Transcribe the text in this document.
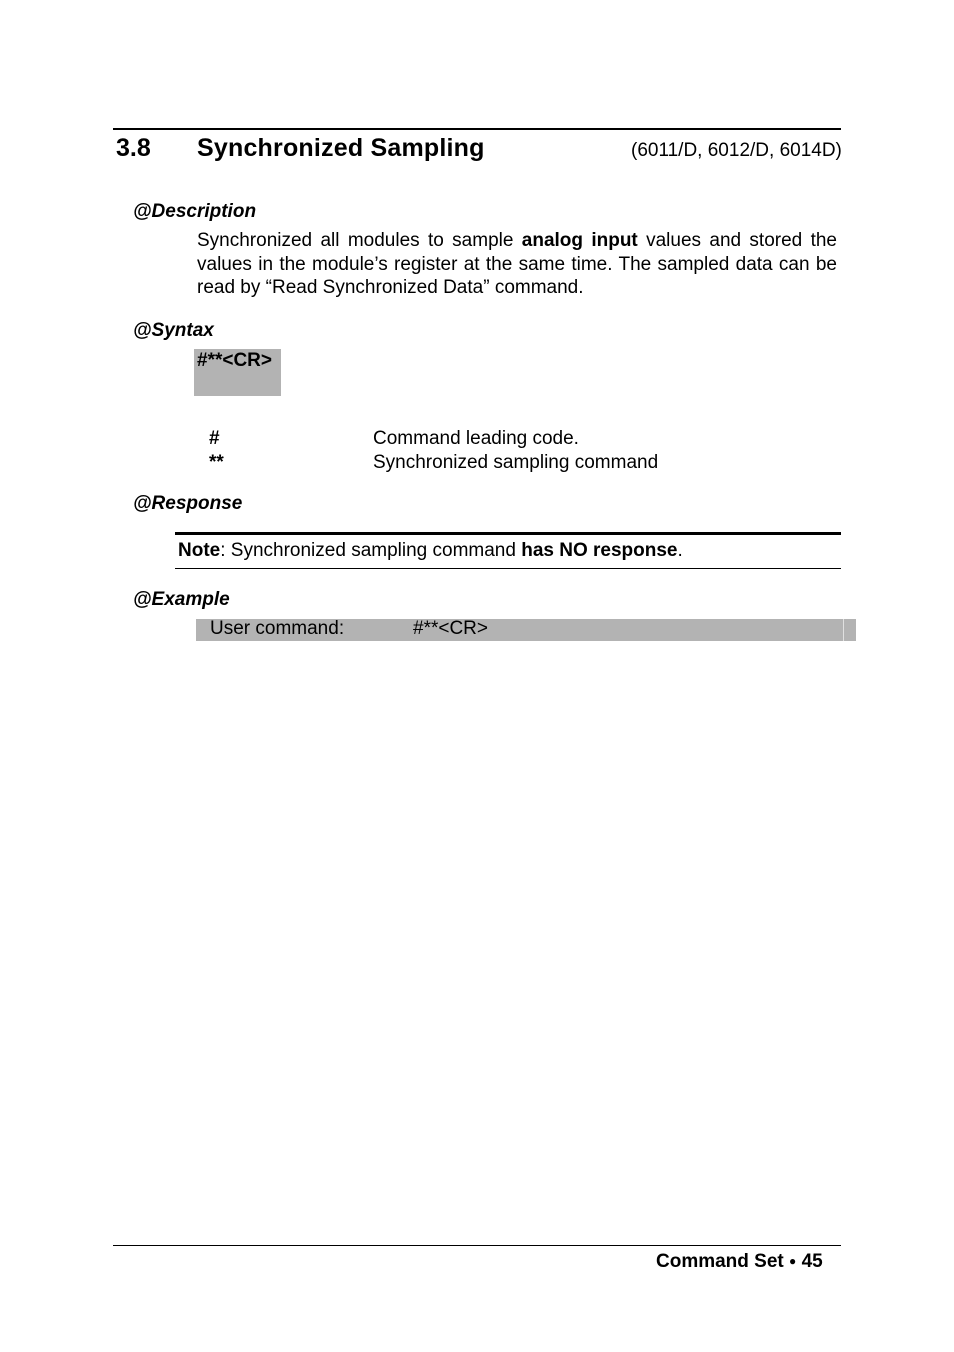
3.8 Synchronized Sampling	(6011/D, 6012/D, 6014D)
@Description
Synchronized all modules to sample analog input values and stored the values in the module’s register at the same time. The sampled data can be read by “Read Synchronized Data” command.
@Syntax
#**<CR>
#	Command leading code.
**	Synchronized sampling command
@Response
Note: Synchronized sampling command has NO response.
@Example
User command:	#**<CR>
Command Set ● 45
